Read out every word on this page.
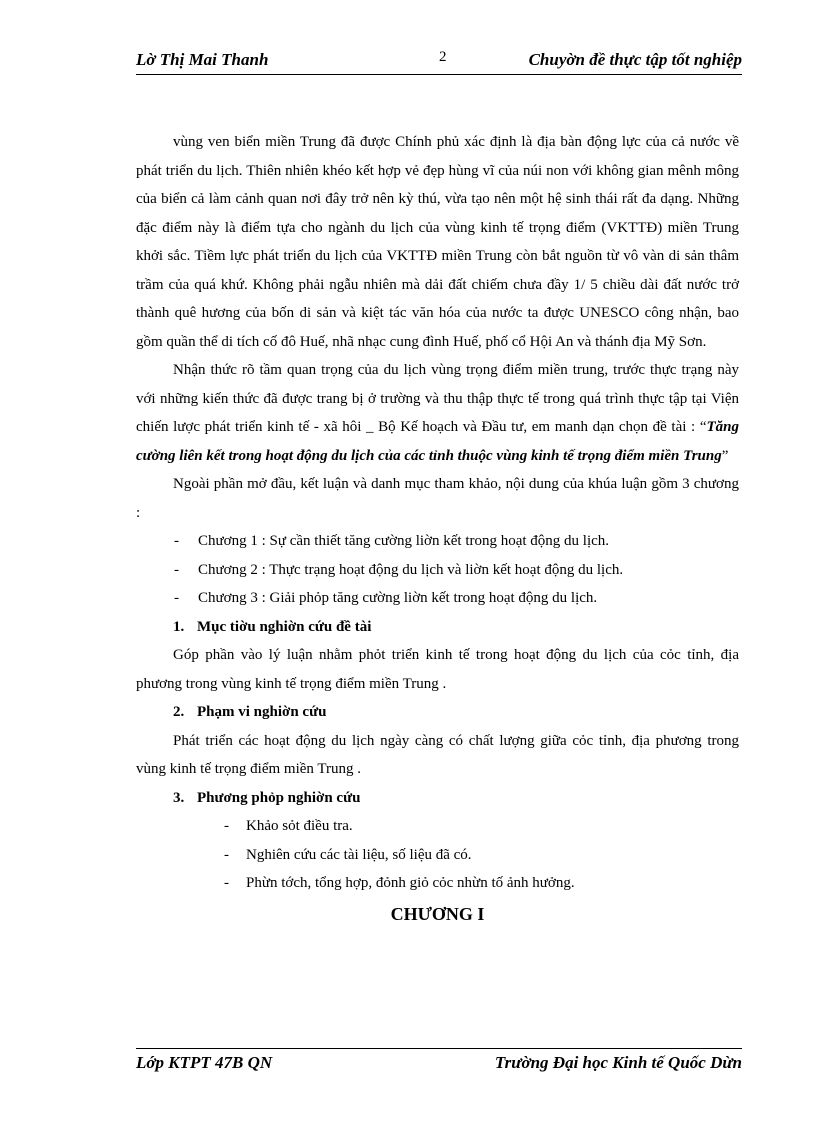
Lờ Thị Mai Thanh	2	Chuyờn đề thực tập tốt nghiệp

vùng ven biển miền Trung đã được Chính phủ xác định là địa bàn động lực của cả nước về phát triển du lịch. Thiên nhiên khéo kết hợp vẻ đẹp hùng vĩ của núi non với không gian mênh mông của biển cả làm cảnh quan nơi đây trở nên kỳ thú, vừa tạo nên một hệ sinh thái rất đa dạng. Những đặc điểm này là điểm tựa cho ngành du lịch của vùng kinh tế trọng điểm (VKTTĐ) miền Trung khởi sắc. Tiềm lực phát triển du lịch của VKTTĐ miền Trung còn bắt nguồn từ vô vàn di sản thâm trầm của quá khứ. Không phải ngẫu nhiên mà dải đất chiếm chưa đầy 1/ 5 chiều dài đất nước trở thành quê hương của bốn di sản và kiệt tác văn hóa của nước ta được UNESCO công nhận, bao gồm quần thể di tích cố đô Huế, nhã nhạc cung đình Huế, phố cổ Hội An và thánh địa Mỹ Sơn.

Nhận thức rõ tầm quan trọng của du lịch vùng trọng điểm miền trung, trước thực trạng này với những kiến thức đã được trang bị ở trường và thu thập thực tế trong quá trình thực tập tại Viện chiến lược phát triển kinh tế - xã hôi _ Bộ Kế hoạch và Đầu tư, em manh dạn chọn đề tài : “Tăng cường liên kết trong hoạt động du lịch của các tỉnh thuộc vùng kinh tế trọng điểm miền Trung”

Ngoài phần mở đầu, kết luận và danh mục tham khảo, nội dung của khúa luận gồm 3 chương :

- Chương 1 : Sự cần thiết tăng cường liờn kết trong hoạt động du lịch.
- Chương 2 : Thực trạng hoạt động du lịch và liờn kết hoạt động du lịch.
- Chương 3 : Giải phỏp tăng cường liờn kết trong hoạt động du lịch.
1. Mục tiờu nghiờn cứu đề tài

Góp phần vào lý luận nhằm phỏt triển kinh tế trong hoạt động du lịch của cỏc tỉnh, địa phương trong vùng kinh tế trọng điểm miền Trung .

2. Phạm vi nghiờn cứu

Phát triển các hoạt động du lịch ngày càng có chất lượng giữa cỏc tỉnh, địa phương trong vùng kinh tế trọng điểm miền Trung .

3. Phương phỏp nghiờn cứu
- Khảo sỏt điều tra.
- Nghiên cứu các tài liệu, số liệu đã có.
- Phừn tớch, tổng hợp, đỏnh giỏ cỏc nhừn tố ảnh hưởng.
CHƯƠNG I
Lớp KTPT 47B QN	Trường Đại học Kinh tế Quốc Dừn
